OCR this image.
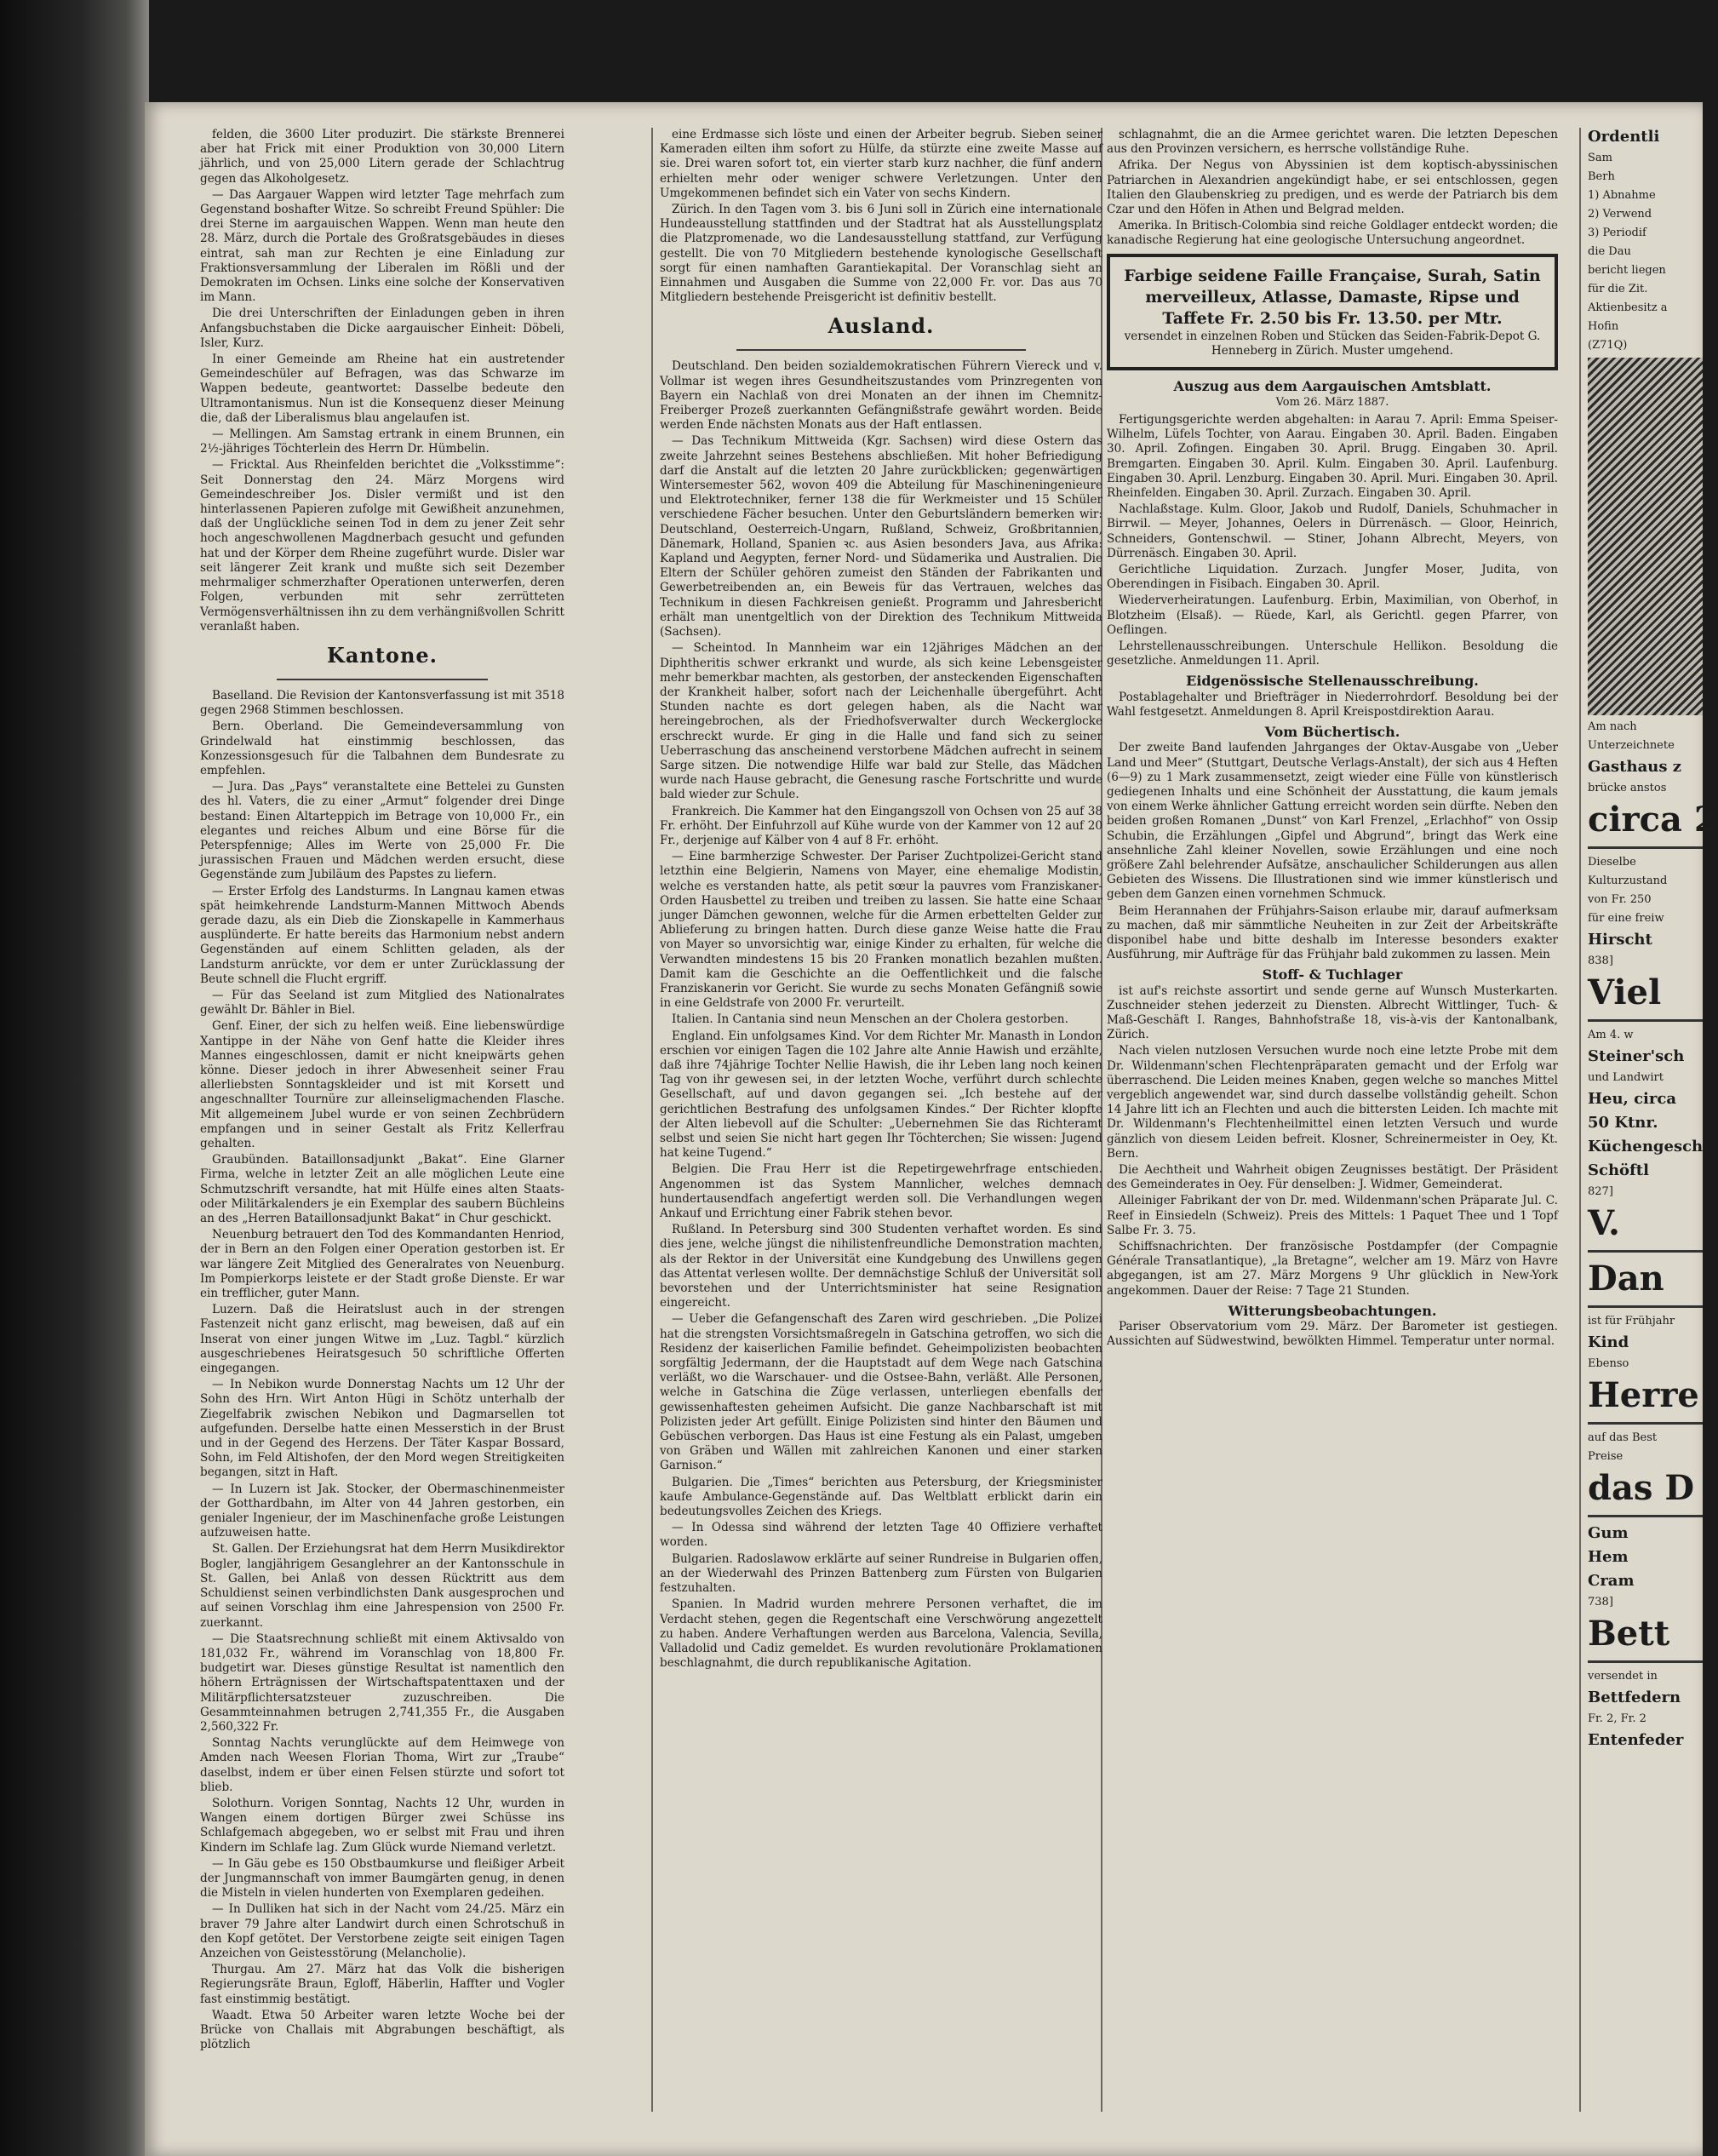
felden, die 3600 Liter produzirt. Die stärkste Brennerei aber hat Frick mit einer Produktion von 30,000 Litern jährlich, und von 25,000 Litern gerade der Schlachtrug gegen das Alkoholgesetz.

— Das Aargauer Wappen wird letzter Tage mehrfach zum Gegenstand boshafter Witze. So schreibt Freund Spühler: Die drei Sterne im aargauischen Wappen. Wenn man heute den 28. März, durch die Portale des Großratsgebäudes in dieses eintrat, sah man zur Rechten je eine Einladung zur Fraktionsversammlung der Liberalen im Rößli und der Demokraten im Ochsen. Links eine solche der Konservativen im Mann.

Die drei Unterschriften der Einladungen geben in ihren Anfangsbuchstaben die Dicke aargauischer Einheit: Döbeli, Isler, Kurz.

In einer Gemeinde am Rheine hat ein austretender Gemeindeschüler auf Befragen, was das Schwarze im Wappen bedeute, geantwortet: Dasselbe bedeute den Ultramontanismus. Nun ist die Konsequenz dieser Meinung die, daß der Liberalismus blau angelaufen ist.

— Mellingen. Am Samstag ertrank in einem Brunnen, ein 2½-jähriges Töchterlein des Herrn Dr. Hümbelin.

— Fricktal. Aus Rheinfelden berichtet die „Volksstimme“: Seit Donnerstag den 24. März Morgens wird Gemeindeschreiber Jos. Disler vermißt und ist den hinterlassenen Papieren zufolge mit Gewißheit anzunehmen, daß der Unglückliche seinen Tod in dem zu jener Zeit sehr hoch angeschwollenen Magdnerbach gesucht und gefunden hat und der Körper dem Rheine zugeführt wurde. Disler war seit längerer Zeit krank und mußte sich seit Dezember mehrmaliger schmerzhafter Operationen unterwerfen, deren Folgen, verbunden mit sehr zerrütteten Vermögensverhältnissen ihn zu dem verhängnißvollen Schritt veranlaßt haben.

Kantone.

Baselland. Die Revision der Kantonsverfassung ist mit 3518 gegen 2968 Stimmen beschlossen.

Bern. Oberland. Die Gemeindeversammlung von Grindelwald hat einstimmig beschlossen, das Konzessionsgesuch für die Talbahnen dem Bundesrate zu empfehlen.

— Jura. Das „Pays“ veranstaltete eine Bettelei zu Gunsten des hl. Vaters, die zu einer „Armut“ folgender drei Dinge bestand: Einen Altarteppich im Betrage von 10,000 Fr., ein elegantes und reiches Album und eine Börse für die Peterspfennige; Alles im Werte von 25,000 Fr. Die jurassischen Frauen und Mädchen werden ersucht, diese Gegenstände zum Jubiläum des Papstes zu liefern.

— Erster Erfolg des Landsturms. In Langnau kamen etwas spät heimkehrende Landsturm-Mannen Mittwoch Abends gerade dazu, als ein Dieb die Zionskapelle in Kammerhaus ausplünderte. Er hatte bereits das Harmonium nebst andern Gegenständen auf einem Schlitten geladen, als der Landsturm anrückte, vor dem er unter Zurücklassung der Beute schnell die Flucht ergriff.

— Für das Seeland ist zum Mitglied des Nationalrates gewählt Dr. Bähler in Biel.

Genf. Einer, der sich zu helfen weiß. Eine liebenswürdige Xantippe in der Nähe von Genf hatte die Kleider ihres Mannes eingeschlossen, damit er nicht kneipwärts gehen könne. Dieser jedoch in ihrer Abwesenheit seiner Frau allerliebsten Sonntagskleider und ist mit Korsett und angeschnallter Tournüre zur alleinseligmachenden Flasche. Mit allgemeinem Jubel wurde er von seinen Zechbrüdern empfangen und in seiner Gestalt als Fritz Kellerfrau gehalten.

Graubünden. Bataillonsadjunkt „Bakat“. Eine Glarner Firma, welche in letzter Zeit an alle möglichen Leute eine Schmutzschrift versandte, hat mit Hülfe eines alten Staats- oder Militärkalenders je ein Exemplar des saubern Büchleins an des „Herren Bataillonsadjunkt Bakat“ in Chur geschickt.

Neuenburg betrauert den Tod des Kommandanten Henriod, der in Bern an den Folgen einer Operation gestorben ist. Er war längere Zeit Mitglied des Generalrates von Neuenburg. Im Pompierkorps leistete er der Stadt große Dienste. Er war ein trefflicher, guter Mann.

Luzern. Daß die Heiratslust auch in der strengen Fastenzeit nicht ganz erlischt, mag beweisen, daß auf ein Inserat von einer jungen Witwe im „Luz. Tagbl.“ kürzlich ausgeschriebenes Heiratsgesuch 50 schriftliche Offerten eingegangen.

— In Nebikon wurde Donnerstag Nachts um 12 Uhr der Sohn des Hrn. Wirt Anton Hügi in Schötz unterhalb der Ziegelfabrik zwischen Nebikon und Dagmarsellen tot aufgefunden. Derselbe hatte einen Messerstich in der Brust und in der Gegend des Herzens. Der Täter Kaspar Bossard, Sohn, im Feld Altishofen, der den Mord wegen Streitigkeiten begangen, sitzt in Haft.

— In Luzern ist Jak. Stocker, der Obermaschinenmeister der Gotthardbahn, im Alter von 44 Jahren gestorben, ein genialer Ingenieur, der im Maschinenfache große Leistungen aufzuweisen hatte.

St. Gallen. Der Erziehungsrat hat dem Herrn Musikdirektor Bogler, langjährigem Gesanglehrer an der Kantonsschule in St. Gallen, bei Anlaß von dessen Rücktritt aus dem Schuldienst seinen verbindlichsten Dank ausgesprochen und auf seinen Vorschlag ihm eine Jahrespension von 2500 Fr. zuerkannt.

— Die Staatsrechnung schließt mit einem Aktivsaldo von 181,032 Fr., während im Voranschlag von 18,800 Fr. budgetirt war. Dieses günstige Resultat ist namentlich den höhern Erträgnissen der Wirtschaftspatenttaxen und der Militärpflichtersatzsteuer zuzuschreiben. Die Gesammteinnahmen betrugen 2,741,355 Fr., die Ausgaben 2,560,322 Fr.

Sonntag Nachts verunglückte auf dem Heimwege von Amden nach Weesen Florian Thoma, Wirt zur „Traube“ daselbst, indem er über einen Felsen stürzte und sofort tot blieb.

Solothurn. Vorigen Sonntag, Nachts 12 Uhr, wurden in Wangen einem dortigen Bürger zwei Schüsse ins Schlafgemach abgegeben, wo er selbst mit Frau und ihren Kindern im Schlafe lag. Zum Glück wurde Niemand verletzt.

— In Gäu gebe es 150 Obstbaumkurse und fleißiger Arbeit der Jungmannschaft von immer Baumgärten genug, in denen die Misteln in vielen hunderten von Exemplaren gedeihen.

— In Dulliken hat sich in der Nacht vom 24./25. März ein braver 79 Jahre alter Landwirt durch einen Schrotschuß in den Kopf getötet. Der Verstorbene zeigte seit einigen Tagen Anzeichen von Geistesstörung (Melancholie).

Thurgau. Am 27. März hat das Volk die bisherigen Regierungsräte Braun, Egloff, Häberlin, Haffter und Vogler fast einstimmig bestätigt.

Waadt. Etwa 50 Arbeiter waren letzte Woche bei der Brücke von Challais mit Abgrabungen beschäftigt, als plötzlich

eine Erdmasse sich löste und einen der Arbeiter begrub. Sieben seiner Kameraden eilten ihm sofort zu Hülfe, da stürzte eine zweite Masse auf sie. Drei waren sofort tot, ein vierter starb kurz nachher, die fünf andern erhielten mehr oder weniger schwere Verletzungen. Unter den Umgekommenen befindet sich ein Vater von sechs Kindern.

Zürich. In den Tagen vom 3. bis 6 Juni soll in Zürich eine internationale Hundeausstellung stattfinden und der Stadtrat hat als Ausstellungsplatz die Platzpromenade, wo die Landesausstellung stattfand, zur Verfügung gestellt. Die von 70 Mitgliedern bestehende kynologische Gesellschaft sorgt für einen namhaften Garantiekapital. Der Voranschlag sieht an Einnahmen und Ausgaben die Summe von 22,000 Fr. vor. Das aus 70 Mitgliedern bestehende Preisgericht ist definitiv bestellt.

Ausland.

Deutschland. Den beiden sozialdemokratischen Führern Viereck und v. Vollmar ist wegen ihres Gesundheitszustandes vom Prinzregenten von Bayern ein Nachlaß von drei Monaten an der ihnen im Chemnitz-Freiberger Prozeß zuerkannten Gefängnißstrafe gewährt worden. Beide werden Ende nächsten Monats aus der Haft entlassen.

— Das Technikum Mittweida (Kgr. Sachsen) wird diese Ostern das zweite Jahrzehnt seines Bestehens abschließen. Mit hoher Befriedigung darf die Anstalt auf die letzten 20 Jahre zurückblicken; gegenwärtigen Wintersemester 562, wovon 409 die Abteilung für Maschineningenieure und Elektrotechniker, ferner 138 die für Werkmeister und 15 Schüler verschiedene Fächer besuchen. Unter den Geburtsländern bemerken wir: Deutschland, Oesterreich-Ungarn, Rußland, Schweiz, Großbritannien, Dänemark, Holland, Spanien ꝛc. aus Asien besonders Java, aus Afrika: Kapland und Aegypten, ferner Nord- und Südamerika und Australien. Die Eltern der Schüler gehören zumeist den Ständen der Fabrikanten und Gewerbetreibenden an, ein Beweis für das Vertrauen, welches das Technikum in diesen Fachkreisen genießt. Programm und Jahresbericht erhält man unentgeltlich von der Direktion des Technikum Mittweida (Sachsen).

— Scheintod. In Mannheim war ein 12jähriges Mädchen an der Diphtheritis schwer erkrankt und wurde, als sich keine Lebensgeister mehr bemerkbar machten, als gestorben, der ansteckenden Eigenschaften der Krankheit halber, sofort nach der Leichenhalle übergeführt. Acht Stunden nachte es dort gelegen haben, als die Nacht war hereingebrochen, als der Friedhofsverwalter durch Weckerglocke erschreckt wurde. Er ging in die Halle und fand sich zu seiner Ueberraschung das anscheinend verstorbene Mädchen aufrecht in seinem Sarge sitzen. Die notwendige Hilfe war bald zur Stelle, das Mädchen wurde nach Hause gebracht, die Genesung rasche Fortschritte und wurde bald wieder zur Schule.

Frankreich. Die Kammer hat den Eingangszoll von Ochsen von 25 auf 38 Fr. erhöht. Der Einfuhrzoll auf Kühe wurde von der Kammer von 12 auf 20 Fr., derjenige auf Kälber von 4 auf 8 Fr. erhöht.

— Eine barmherzige Schwester. Der Pariser Zuchtpolizei-Gericht stand letzthin eine Belgierin, Namens von Mayer, eine ehemalige Modistin, welche es verstanden hatte, als petit sœur la pauvres vom Franziskaner-Orden Hausbettel zu treiben und treiben zu lassen. Sie hatte eine Schaar junger Dämchen gewonnen, welche für die Armen erbettelten Gelder zur Ablieferung zu bringen hatten. Durch diese ganze Weise hatte die Frau von Mayer so unvorsichtig war, einige Kinder zu erhalten, für welche die Verwandten mindestens 15 bis 20 Franken monatlich bezahlen mußten. Damit kam die Geschichte an die Oeffentlichkeit und die falsche Franziskanerin vor Gericht. Sie wurde zu sechs Monaten Gefängniß sowie in eine Geldstrafe von 2000 Fr. verurteilt.

Italien. In Cantania sind neun Menschen an der Cholera gestorben.

England. Ein unfolgsames Kind. Vor dem Richter Mr. Manasth in London erschien vor einigen Tagen die 102 Jahre alte Annie Hawish und erzählte, daß ihre 74jährige Tochter Nellie Hawish, die ihr Leben lang noch keinen Tag von ihr gewesen sei, in der letzten Woche, verführt durch schlechte Gesellschaft, auf und davon gegangen sei. „Ich bestehe auf der gerichtlichen Bestrafung des unfolgsamen Kindes.“ Der Richter klopfte der Alten liebevoll auf die Schulter: „Uebernehmen Sie das Richteramt selbst und seien Sie nicht hart gegen Ihr Töchterchen; Sie wissen: Jugend hat keine Tugend.“

Belgien. Die Frau Herr ist die Repetirgewehrfrage entschieden. Angenommen ist das System Mannlicher, welches demnach hundertausendfach angefertigt werden soll. Die Verhandlungen wegen Ankauf und Errichtung einer Fabrik stehen bevor.

Rußland. In Petersburg sind 300 Studenten verhaftet worden. Es sind dies jene, welche jüngst die nihilistenfreundliche Demonstration machten, als der Rektor in der Universität eine Kundgebung des Unwillens gegen das Attentat verlesen wollte. Der demnächstige Schluß der Universität soll bevorstehen und der Unterrichtsminister hat seine Resignation eingereicht.

— Ueber die Gefangenschaft des Zaren wird geschrieben. „Die Polizei hat die strengsten Vorsichtsmaßregeln in Gatschina getroffen, wo sich die Residenz der kaiserlichen Familie befindet. Geheimpolizisten beobachten sorgfältig Jedermann, der die Hauptstadt auf dem Wege nach Gatschina verläßt, wo die Warschauer- und die Ostsee-Bahn, verläßt. Alle Personen, welche in Gatschina die Züge verlassen, unterliegen ebenfalls der gewissenhaftesten geheimen Aufsicht. Die ganze Nachbarschaft ist mit Polizisten jeder Art gefüllt. Einige Polizisten sind hinter den Bäumen und Gebüschen verborgen. Das Haus ist eine Festung als ein Palast, umgeben von Gräben und Wällen mit zahlreichen Kanonen und einer starken Garnison.“

Bulgarien. Die „Times“ berichten aus Petersburg, der Kriegsminister kaufe Ambulance-Gegenstände auf. Das Weltblatt erblickt darin ein bedeutungsvolles Zeichen des Kriegs.

— In Odessa sind während der letzten Tage 40 Offiziere verhaftet worden.

Bulgarien. Radoslawow erklärte auf seiner Rundreise in Bulgarien offen, an der Wiederwahl des Prinzen Battenberg zum Fürsten von Bulgarien festzuhalten.

Spanien. In Madrid wurden mehrere Personen verhaftet, die im Verdacht stehen, gegen die Regentschaft eine Verschwörung angezettelt zu haben. Andere Verhaftungen werden aus Barcelona, Valencia, Sevilla, Valladolid und Cadiz gemeldet. Es wurden revolutionäre Proklamationen beschlagnahmt, die durch republikanische Agitation.

schlagnahmt, die an die Armee gerichtet waren. Die letzten Depeschen aus den Provinzen versichern, es herrsche vollständige Ruhe.

Afrika. Der Negus von Abyssinien ist dem koptisch-abyssinischen Patriarchen in Alexandrien angekündigt habe, er sei entschlossen, gegen Italien den Glaubenskrieg zu predigen, und es werde der Patriarch bis dem Czar und den Höfen in Athen und Belgrad melden.

Amerika. In Britisch-Colombia sind reiche Goldlager entdeckt worden; die kanadische Regierung hat eine geologische Untersuchung angeordnet.

Farbige seidene Faille Française, Surah, Satin merveilleux, Atlasse, Damaste, Ripse und Taffete Fr. 2.50 bis Fr. 13.50. per Mtr.
versendet in einzelnen Roben und Stücken das Seiden-Fabrik-Depot G. Henneberg in Zürich. Muster umgehend.
Auszug aus dem Aargauischen Amtsblatt.
Vom 26. März 1887.

Fertigungsgerichte werden abgehalten: in Aarau 7. April: Emma Speiser-Wilhelm, Lüfels Tochter, von Aarau. Eingaben 30. April. Baden. Eingaben 30. April. Zofingen. Eingaben 30. April. Brugg. Eingaben 30. April. Bremgarten. Eingaben 30. April. Kulm. Eingaben 30. April. Laufenburg. Eingaben 30. April. Lenzburg. Eingaben 30. April. Muri. Eingaben 30. April. Rheinfelden. Eingaben 30. April. Zurzach. Eingaben 30. April.

Nachlaßstage. Kulm. Gloor, Jakob und Rudolf, Daniels, Schuhmacher in Birrwil. — Meyer, Johannes, Oelers in Dürrenäsch. — Gloor, Heinrich, Schneiders, Gontenschwil. — Stiner, Johann Albrecht, Meyers, von Dürrenäsch. Eingaben 30. April.

Gerichtliche Liquidation. Zurzach. Jungfer Moser, Judita, von Oberendingen in Fisibach. Eingaben 30. April.

Wiederverheiratungen. Laufenburg. Erbin, Maximilian, von Oberhof, in Blotzheim (Elsaß). — Rüede, Karl, als Gerichtl. gegen Pfarrer, von Oeflingen.

Lehrstellenausschreibungen. Unterschule Hellikon. Besoldung die gesetzliche. Anmeldungen 11. April.

Eidgenössische Stellenausschreibung.

Postablagehalter und Briefträger in Niederrohrdorf. Besoldung bei der Wahl festgesetzt. Anmeldungen 8. April Kreispostdirektion Aarau.

Vom Büchertisch.

Der zweite Band laufenden Jahrganges der Oktav-Ausgabe von „Ueber Land und Meer“ (Stuttgart, Deutsche Verlags-Anstalt), der sich aus 4 Heften (6—9) zu 1 Mark zusammensetzt, zeigt wieder eine Fülle von künstlerisch gediegenen Inhalts und eine Schönheit der Ausstattung, die kaum jemals von einem Werke ähnlicher Gattung erreicht worden sein dürfte. Neben den beiden großen Romanen „Dunst“ von Karl Frenzel, „Erlachhof“ von Ossip Schubin, die Erzählungen „Gipfel und Abgrund“, bringt das Werk eine ansehnliche Zahl kleiner Novellen, sowie Erzählungen und eine noch größere Zahl belehrender Aufsätze, anschaulicher Schilderungen aus allen Gebieten des Wissens. Die Illustrationen sind wie immer künstlerisch und geben dem Ganzen einen vornehmen Schmuck.

Beim Herannahen der Frühjahrs-Saison erlaube mir, darauf aufmerksam zu machen, daß mir sämmtliche Neuheiten in zur Zeit der Arbeitskräfte disponibel habe und bitte deshalb im Interesse besonders exakter Ausführung, mir Aufträge für das Frühjahr bald zukommen zu lassen. Mein

Stoff- & Tuchlager

ist auf's reichste assortirt und sende gerne auf Wunsch Musterkarten. Zuschneider stehen jederzeit zu Diensten. Albrecht Wittlinger, Tuch- & Maß-Geschäft I. Ranges, Bahnhofstraße 18, vis-à-vis der Kantonalbank, Zürich.

Nach vielen nutzlosen Versuchen wurde noch eine letzte Probe mit dem Dr. Wildenmann'schen Flechtenpräparaten gemacht und der Erfolg war überraschend. Die Leiden meines Knaben, gegen welche so manches Mittel vergeblich angewendet war, sind durch dasselbe vollständig geheilt. Schon 14 Jahre litt ich an Flechten und auch die bittersten Leiden. Ich machte mit Dr. Wildenmann's Flechtenheilmittel einen letzten Versuch und wurde gänzlich von diesem Leiden befreit. Klosner, Schreinermeister in Oey, Kt. Bern.

Die Aechtheit und Wahrheit obigen Zeugnisses bestätigt. Der Präsident des Gemeinderates in Oey. Für denselben: J. Widmer, Gemeinderat.

Alleiniger Fabrikant der von Dr. med. Wildenmann'schen Präparate Jul. C. Reef in Einsiedeln (Schweiz). Preis des Mittels: 1 Paquet Thee und 1 Topf Salbe Fr. 3. 75.

Schiffsnachrichten. Der französische Postdampfer (der Compagnie Générale Transatlantique), „la Bretagne“, welcher am 19. März von Havre abgegangen, ist am 27. März Morgens 9 Uhr glücklich in New-York angekommen. Dauer der Reise: 7 Tage 21 Stunden.

Witterungsbeobachtungen.

Pariser Observatorium vom 29. März. Der Barometer ist gestiegen. Aussichten auf Südwestwind, bewölkten Himmel. Temperatur unter normal.

Ordentli
Sam
Berh
1) Abnahme
2) Verwend
3) Periodif
die Dau
bericht liegen
für die Zit.
Aktienbesitz a
Hofin
(Z71Q)
Am nach
Unterzeichnete
Gasthaus z
brücke anstos
circa 2
Dieselbe
Kulturzustand
von Fr. 250
für eine freiw
Hirscht
838]
Viel
Am 4. w
Steiner'sch
und Landwirt
Heu, circa
50 Ktnr.
Küchengeschi
Schöftl
827]
V.
Dan
ist für Frühjahr
Kind
Ebenso
Herre
auf das Best
Preise
das D
Gum
Hem
Cram
738]
Bett
versendet in
Bettfedern
Fr. 2, Fr. 2
Entenfeder
